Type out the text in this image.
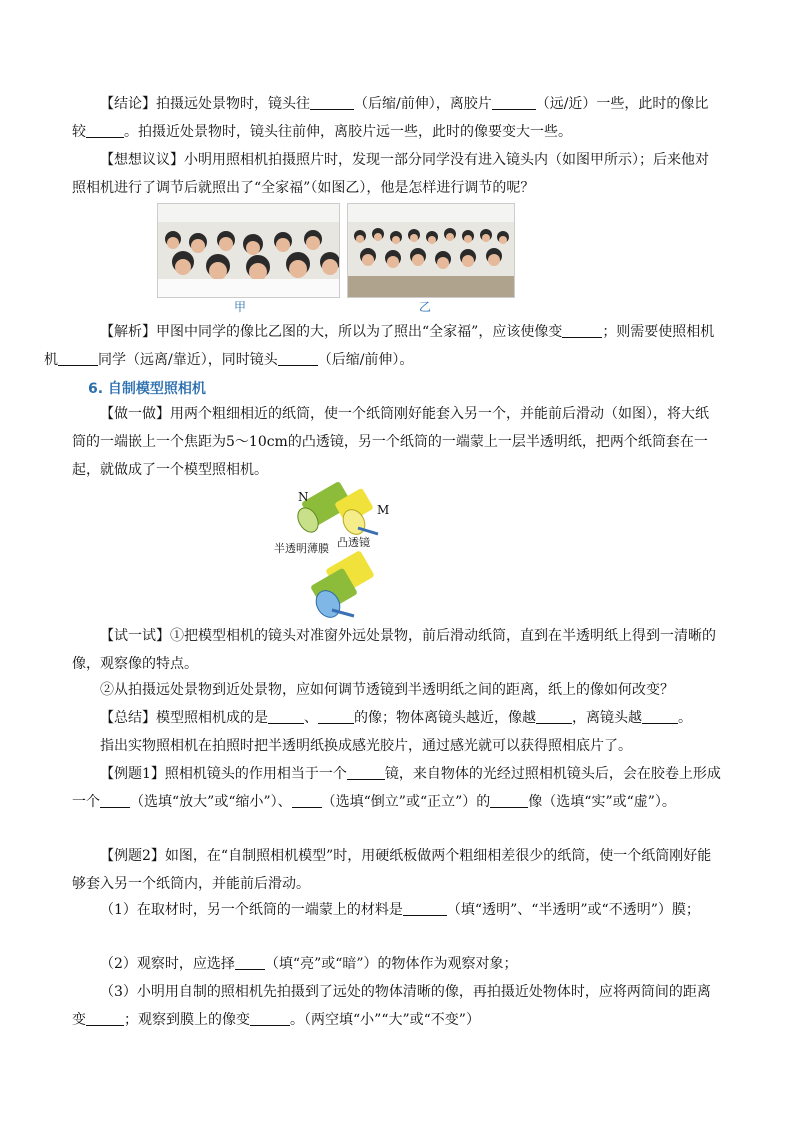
【结论】拍摄远处景物时，镜头往	（后缩/前伸），离胶片	（远/近）一些，此时的像比
较	。拍摄近处景物时，镜头往前伸，离胶片远一些，此时的像要变大一些。

【想想议议】小明用照相机拍摄照片时，发现一部分同学没有进入镜头内（如图甲所示）；后来他对照相机进行了调节后就照出了“全家福”（如图乙），他是怎样进行调节的呢？

甲	乙

【解析】甲图中同学的像比乙图的大，所以为了照出“全家福”，应该使像变	；则需要使照相机
机	同学（远离/靠近），同时镜头	（后缩/前伸）。

6. 自制模型照相机

【做一做】用两个粗细相近的纸筒，使一个纸筒刚好能套入另一个，并能前后滑动（如图），将大纸筒的一端嵌上一个焦距为5～10cm的凸透镜，另一个纸筒的一端蒙上一层半透明纸，把两个纸筒套在一起，就做成了一个模型照相机。

N
M
半透明薄膜 凸透镜

【试一试】①把模型相机的镜头对准窗外远处景物，前后滑动纸筒，直到在半透明纸上得到一清晰的像，观察像的特点。

②从拍摄远处景物到近处景物，应如何调节透镜到半透明纸之间的距离，纸上的像如何改变？

【总结】模型照相机成的是	、	的像；物体离镜头越近，像越	，离镜头越	。

指出实物照相机在拍照时把半透明纸换成感光胶片，通过感光就可以获得照相底片了。

【例题1】照相机镜头的作用相当于一个	镜，来自物体的光经过照相机镜头后，会在胶卷上形成一个 （选填“放大”或“缩小”）、 （选填“倒立”或“正立”）的	像（选填“实”或“虚”）。

【例题2】如图，在“自制照相机模型”时，用硬纸板做两个粗细相差很少的纸筒，使一个纸筒刚好能够套入另一个纸筒内，并能前后滑动。

（1）在取材时，另一个纸筒的一端蒙上的材料是	（填“透明”、“半透明”或“不透明”）膜；

（2）观察时，应选择 （填“亮”或“暗”）的物体作为观察对象；

（3）小明用自制的照相机先拍摄到了远处的物体清晰的像，再拍摄近处物体时，应将两筒间的距离变	；观察到膜上的像变	。（两空填“小”“大”或“不变”）
